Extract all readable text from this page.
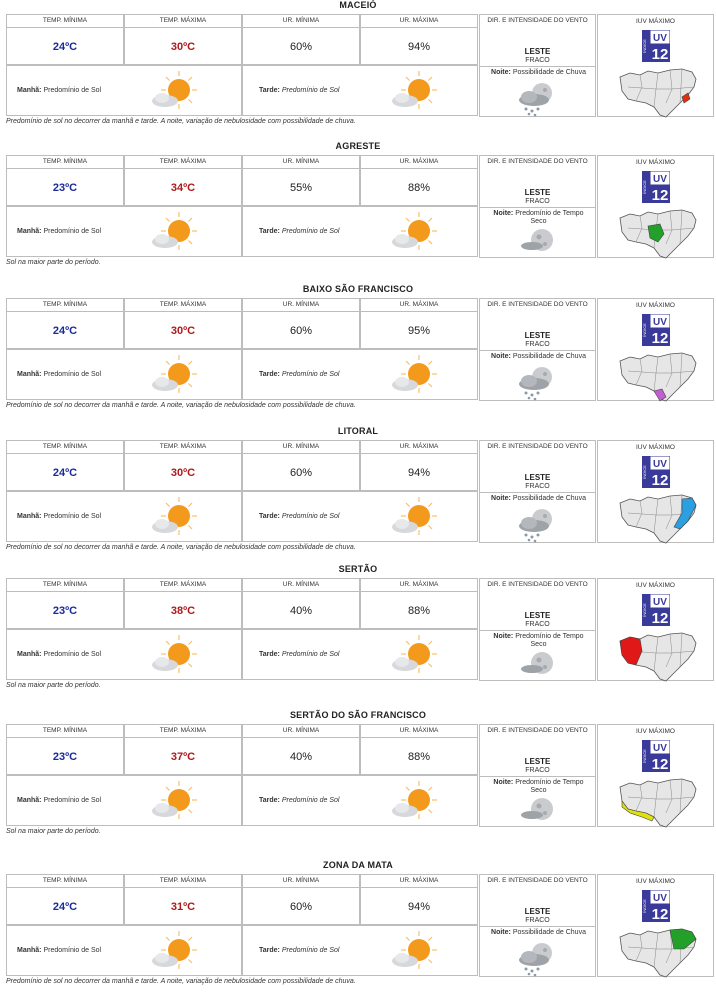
MACEIÓ
TEMP. MÍNIMA
24ºC
TEMP. MÁXIMA
30ºC
UR. MÍNIMA
60%
UR. MÁXIMA
94%
Manhã: Predomínio de Sol	Tarde: Predomínio de Sol
DIR. E INTENSIDADE DO VENTO
LESTE
FRACO
Noite: Possibilidade de Chuva
IUV MÁXIMO
ÍNDICE
UV
12
Predomínio de sol no decorrer da manhã e tarde. A noite, variação de nebulosidade com possibilidade de chuva.
AGRESTE
TEMP. MÍNIMA
23ºC
TEMP. MÁXIMA
34ºC
UR. MÍNIMA
55%
UR. MÁXIMA
88%
Manhã: Predomínio de Sol	Tarde: Predomínio de Sol
DIR. E INTENSIDADE DO VENTO
LESTE
FRACO
Noite: Predomínio de Tempo Seco
IUV MÁXIMO
ÍNDICE
UV
12
Sol na maior parte do período.
BAIXO SÃO FRANCISCO
TEMP. MÍNIMA
24ºC
TEMP. MÁXIMA
30ºC
UR. MÍNIMA
60%
UR. MÁXIMA
95%
Manhã: Predomínio de Sol	Tarde: Predomínio de Sol
DIR. E INTENSIDADE DO VENTO
LESTE
FRACO
Noite: Possibilidade de Chuva
IUV MÁXIMO
ÍNDICE
UV
12
Predomínio de sol no decorrer da manhã e tarde. A noite, variação de nebulosidade com possibilidade de chuva.
LITORAL
TEMP. MÍNIMA
24ºC
TEMP. MÁXIMA
30ºC
UR. MÍNIMA
60%
UR. MÁXIMA
94%
Manhã: Predomínio de Sol	Tarde: Predomínio de Sol
DIR. E INTENSIDADE DO VENTO
LESTE
FRACO
Noite: Possibilidade de Chuva
IUV MÁXIMO
ÍNDICE
UV
12
Predomínio de sol no decorrer da manhã e tarde. A noite, variação de nebulosidade com possibilidade de chuva.
SERTÃO
TEMP. MÍNIMA
23ºC
TEMP. MÁXIMA
38ºC
UR. MÍNIMA
40%
UR. MÁXIMA
88%
Manhã: Predomínio de Sol	Tarde: Predomínio de Sol
DIR. E INTENSIDADE DO VENTO
LESTE
FRACO
Noite: Predomínio de Tempo Seco
IUV MÁXIMO
ÍNDICE
UV
12
Sol na maior parte do período.
SERTÃO DO SÃO FRANCISCO
TEMP. MÍNIMA
23ºC
TEMP. MÁXIMA
37ºC
UR. MÍNIMA
40%
UR. MÁXIMA
88%
Manhã: Predomínio de Sol	Tarde: Predomínio de Sol
DIR. E INTENSIDADE DO VENTO
LESTE
FRACO
Noite: Predomínio de Tempo Seco
IUV MÁXIMO
ÍNDICE
UV
12
Sol na maior parte do período.
ZONA DA MATA
TEMP. MÍNIMA
24ºC
TEMP. MÁXIMA
31ºC
UR. MÍNIMA
60%
UR. MÁXIMA
94%
Manhã: Predomínio de Sol	Tarde: Predomínio de Sol
DIR. E INTENSIDADE DO VENTO
LESTE
FRACO
Noite: Possibilidade de Chuva
IUV MÁXIMO
ÍNDICE
UV
12
Predomínio de sol no decorrer da manhã e tarde. A noite, variação de nebulosidade com possibilidade de chuva.
